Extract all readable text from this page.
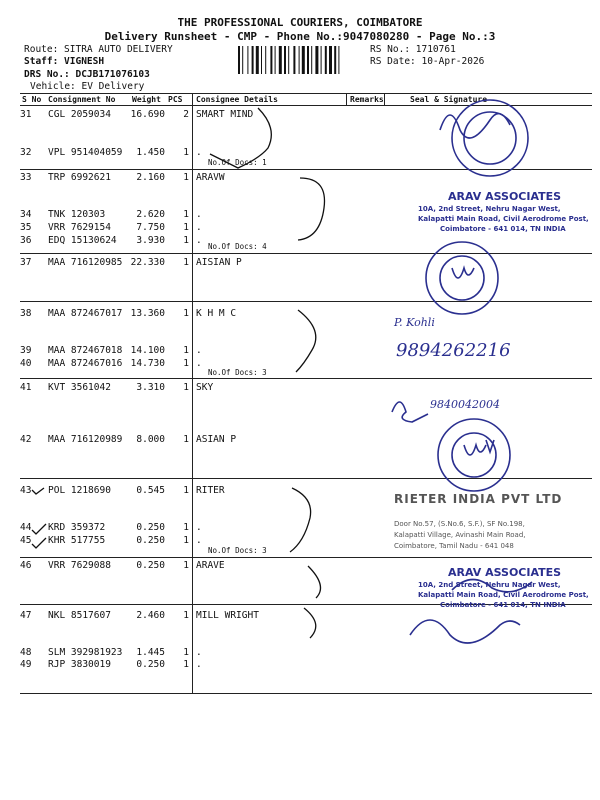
THE PROFESSIONAL COURIERS, COIMBATORE
Delivery Runsheet - CMP - Phone No.:9047080280 - Page No.:3
Route: SITRA AUTO DELIVERY
Staff: VIGNESH
DRS No.: DCJB171076103
Vehicle: EV Delivery
RS No.: 1710761
RS Date: 10-Apr-2026
S No Consignment No Weight PCS Consignee Details	Remarks	Seal & Signature
31 CGL 2059034 16.690 2 SMART MIND
32 VPL 951404059 1.450 1 .
33 TRP 6992621	2.160 1 ARAVW
34 TNK 120303	2.620 1 .
35 VRR 7629154	7.750 1 .
36 EDQ 15130624 3.930 1 .
37 MAA 716120985 22.330 1 AISIAN P
38 MAA 872467017 13.360 1 K H M C
39 MAA 872467018 14.100 1 .
40 MAA 872467016 14.730 1 .
41 KVT 3561042	3.310 1 SKY
42 MAA 716120989 8.000 1 ASIAN P
43 POL 1218690	0.545 1 RITER
44 KRD 359372	0.250 1 .
45 KHR 517755	0.250 1 .
46 VRR 7629088	0.250 1 ARAVE
47 NKL 8517607	2.460 1 MILL WRIGHT
48 SLM 392981923 1.445 1 .
49 RJP 3830019	0.250 1 .
No.Of Docs: 1
No.Of Docs: 4
No.Of Docs: 3
No.Of Docs: 3
ARAV ASSOCIATES
10A, 2nd Street, Nehru Nagar West,
Kalapatti Main Road, Civil Aerodrome Post,
Coimbatore - 641 014, TN INDIA
RIETER INDIA PVT LTD
Door No.57, (S.No.6, S.F.), SF No.198,
Kalapatti Village, Avinashi Main Road,
Coimbatore, Tamil Nadu - 641 048
ARAV ASSOCIATES
10A, 2nd Street, Nehru Nagar West,
Kalapatti Main Road, Civil Aerodrome Post,
Coimbatore - 641 014, TN INDIA
P. Kohli
9894262216
9840042004
